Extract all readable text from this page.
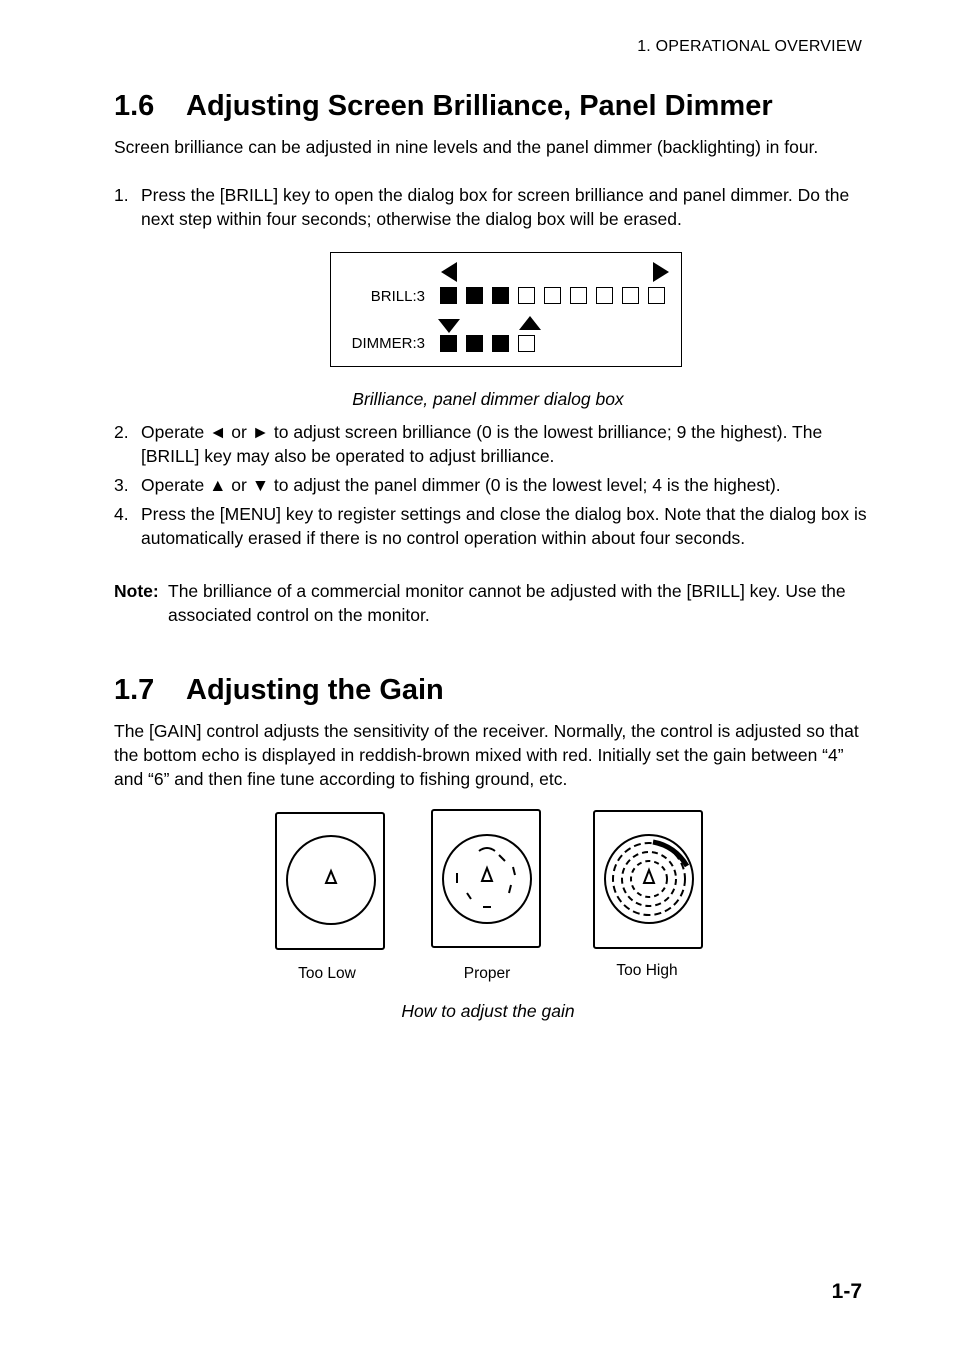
1. OPERATIONAL OVERVIEW
1.6 Adjusting Screen Brilliance, Panel Dimmer
Screen brilliance can be adjusted in nine levels and the panel dimmer (backlighting) in four.
1. Press the [BRILL] key to open the dialog box for screen brilliance and panel dimmer. Do the next step within four seconds; otherwise the dialog box will be erased.
BRILL:3
DIMMER:3
Brilliance, panel dimmer dialog box
2. Operate ◄ or ► to adjust screen brilliance (0 is the lowest brilliance; 9 the highest). The [BRILL] key may also be operated to adjust brilliance.
3. Operate ▲ or ▼ to adjust the panel dimmer (0 is the lowest level; 4 is the highest).
4. Press the [MENU] key to register settings and close the dialog box. Note that the dialog box is automatically erased if there is no control operation within about four seconds.
Note: The brilliance of a commercial monitor cannot be adjusted with the [BRILL] key. Use the associated control on the monitor.
1.7 Adjusting the Gain
The [GAIN] control adjusts the sensitivity of the receiver. Normally, the control is adjusted so that the bottom echo is displayed in reddish-brown mixed with red. Initially set the gain between “4” and “6” and then fine tune according to fishing ground, etc.
Too Low	Proper	Too High
How to adjust the gain
1-7
